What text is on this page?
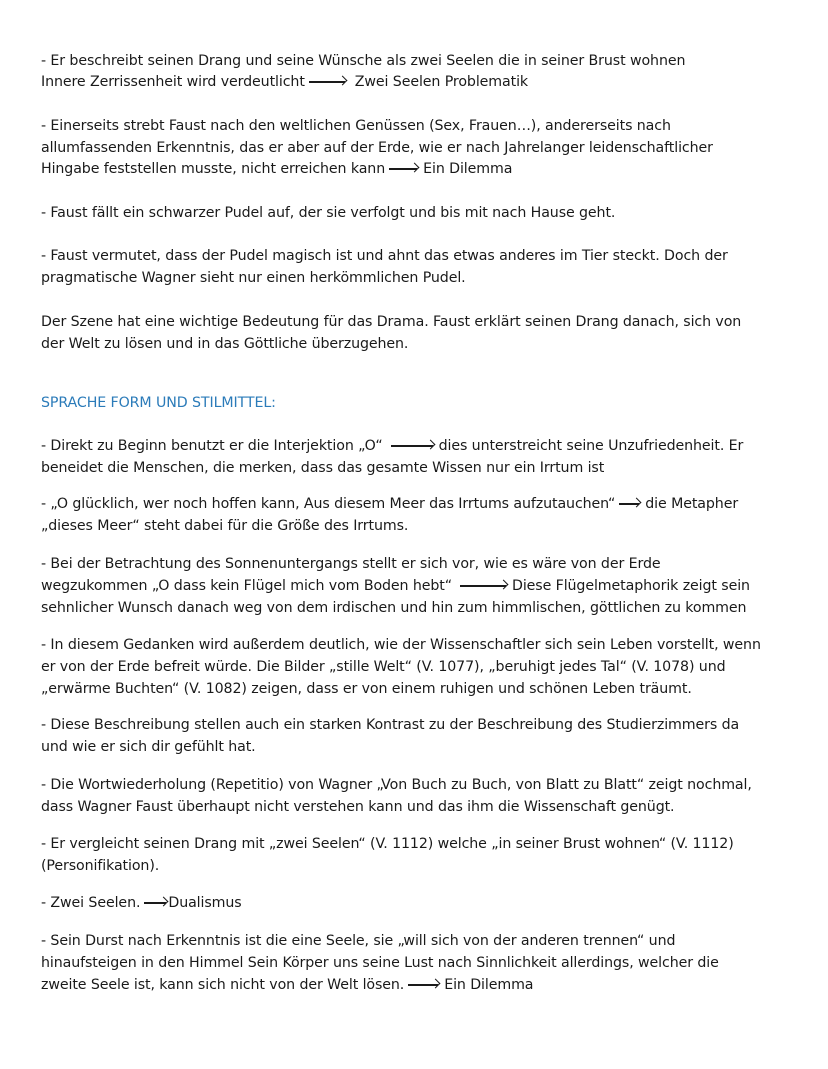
- Er beschreibt seinen Drang und seine Wünsche als zwei Seelen die in seiner Brust wohnen
Innere Zerrissenheit wird verdeutlicht	Zwei Seelen Problematik
- Einerseits strebt Faust nach den weltlichen Genüssen (Sex, Frauen…), andererseits nach
allumfassenden Erkenntnis, das er aber auf der Erde, wie er nach Jahrelanger leidenschaftlicher
Hingabe feststellen musste, nicht erreichen kann	Ein Dilemma
- Faust fällt ein schwarzer Pudel auf, der sie verfolgt und bis mit nach Hause geht.
- Faust vermutet, dass der Pudel magisch ist und ahnt das etwas anderes im Tier steckt. Doch der
pragmatische Wagner sieht nur einen herkömmlichen Pudel.
Der Szene hat eine wichtige Bedeutung für das Drama. Faust erklärt seinen Drang danach, sich von
der Welt zu lösen und in das Göttliche überzugehen.
SPRACHE FORM UND STILMITTEL:
- Direkt zu Beginn benutzt er die Interjektion „O“	dies unterstreicht seine Unzufriedenheit. Er
beneidet die Menschen, die merken, dass das gesamte Wissen nur ein Irrtum ist
- „O glücklich, wer noch hoffen kann, Aus diesem Meer das Irrtums aufzutauchen“ die Metapher
„dieses Meer“ steht dabei für die Größe des Irrtums.
- Bei der Betrachtung des Sonnenuntergangs stellt er sich vor, wie es wäre von der Erde
wegzukommen „O dass kein Flügel mich vom Boden hebt“	Diese Flügelmetaphorik zeigt sein
sehnlicher Wunsch danach weg von dem irdischen und hin zum himmlischen, göttlichen zu kommen
- In diesem Gedanken wird außerdem deutlich, wie der Wissenschaftler sich sein Leben vorstellt, wenn
er von der Erde befreit würde. Die Bilder „stille Welt“ (V. 1077), „beruhigt jedes Tal“ (V. 1078) und
„erwärme Buchten“ (V. 1082) zeigen, dass er von einem ruhigen und schönen Leben träumt.
- Diese Beschreibung stellen auch ein starken Kontrast zu der Beschreibung des Studierzimmers da
und wie er sich dir gefühlt hat.
- Die Wortwiederholung (Repetitio) von Wagner „Von Buch zu Buch, von Blatt zu Blatt“ zeigt nochmal,
dass Wagner Faust überhaupt nicht verstehen kann und das ihm die Wissenschaft genügt.
- Er vergleicht seinen Drang mit „zwei Seelen“ (V. 1112) welche „in seiner Brust wohnen“ (V. 1112)
(Personifikation).
- Zwei Seelen. Dualismus
- Sein Durst nach Erkenntnis ist die eine Seele, sie „will sich von der anderen trennen“ und
hinaufsteigen in den Himmel Sein Körper uns seine Lust nach Sinnlichkeit allerdings, welcher die
zweite Seele ist, kann sich nicht von der Welt lösen.	Ein Dilemma
